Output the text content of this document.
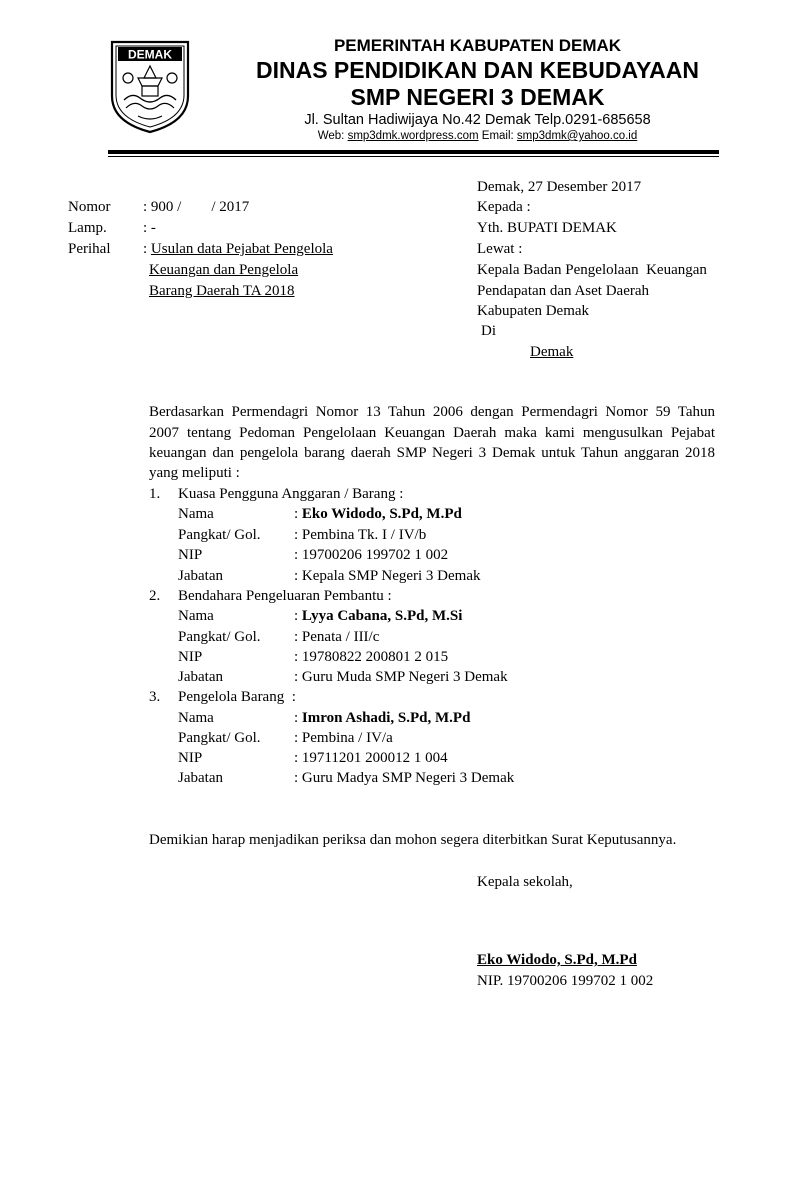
DEMAK	PEMERINTAH KABUPATEN DEMAK
DINAS PENDIDIKAN DAN KEBUDAYAAN
SMP NEGERI 3 DEMAK
Jl. Sultan Hadiwijaya No.42 Demak Telp.0291-685658
Web: smp3dmk.wordpress.com Email: smp3dmk@yahoo.co.id
Nomor : 900 /        / 2017
Lamp. : -
Perihal : Usulan data Pejabat Pengelola
Keuangan dan Pengelola
Barang Daerah TA 2018
Demak, 27 Desember 2017
Kepada :
Yth. BUPATI DEMAK
Lewat :
Kepala Badan Pengelolaan  Keuangan
Pendapatan dan Aset Daerah
Kabupaten Demak
Di
Demak
Berdasarkan Permendagri Nomor 13 Tahun 2006 dengan Permendagri Nomor 59 Tahun
2007 tentang Pedoman Pengelolaan Keuangan Daerah maka kami mengusulkan Pejabat
keuangan dan pengelola barang daerah SMP Negeri 3 Demak untuk Tahun anggaran 2018
yang meliputi :
1. Kuasa Pengguna Anggaran / Barang :
Nama	: Eko Widodo, S.Pd, M.Pd
Pangkat/ Gol. : Pembina Tk. I / IV/b
NIP	: 19700206 199702 1 002
Jabatan	: Kepala SMP Negeri 3 Demak
2. Bendahara Pengeluaran Pembantu :
Nama	: Lyya Cabana, S.Pd, M.Si
Pangkat/ Gol. : Penata / III/c
NIP	: 19780822 200801 2 015
Jabatan	: Guru Muda SMP Negeri 3 Demak
3. Pengelola Barang  :
Nama	: Imron Ashadi, S.Pd, M.Pd
Pangkat/ Gol. : Pembina / IV/a
NIP	: 19711201 200012 1 004
Jabatan	: Guru Madya SMP Negeri 3 Demak
Demikian harap menjadikan periksa dan mohon segera diterbitkan Surat Keputusannya.
Kepala sekolah,
Eko Widodo, S.Pd, M.Pd
NIP. 19700206 199702 1 002
